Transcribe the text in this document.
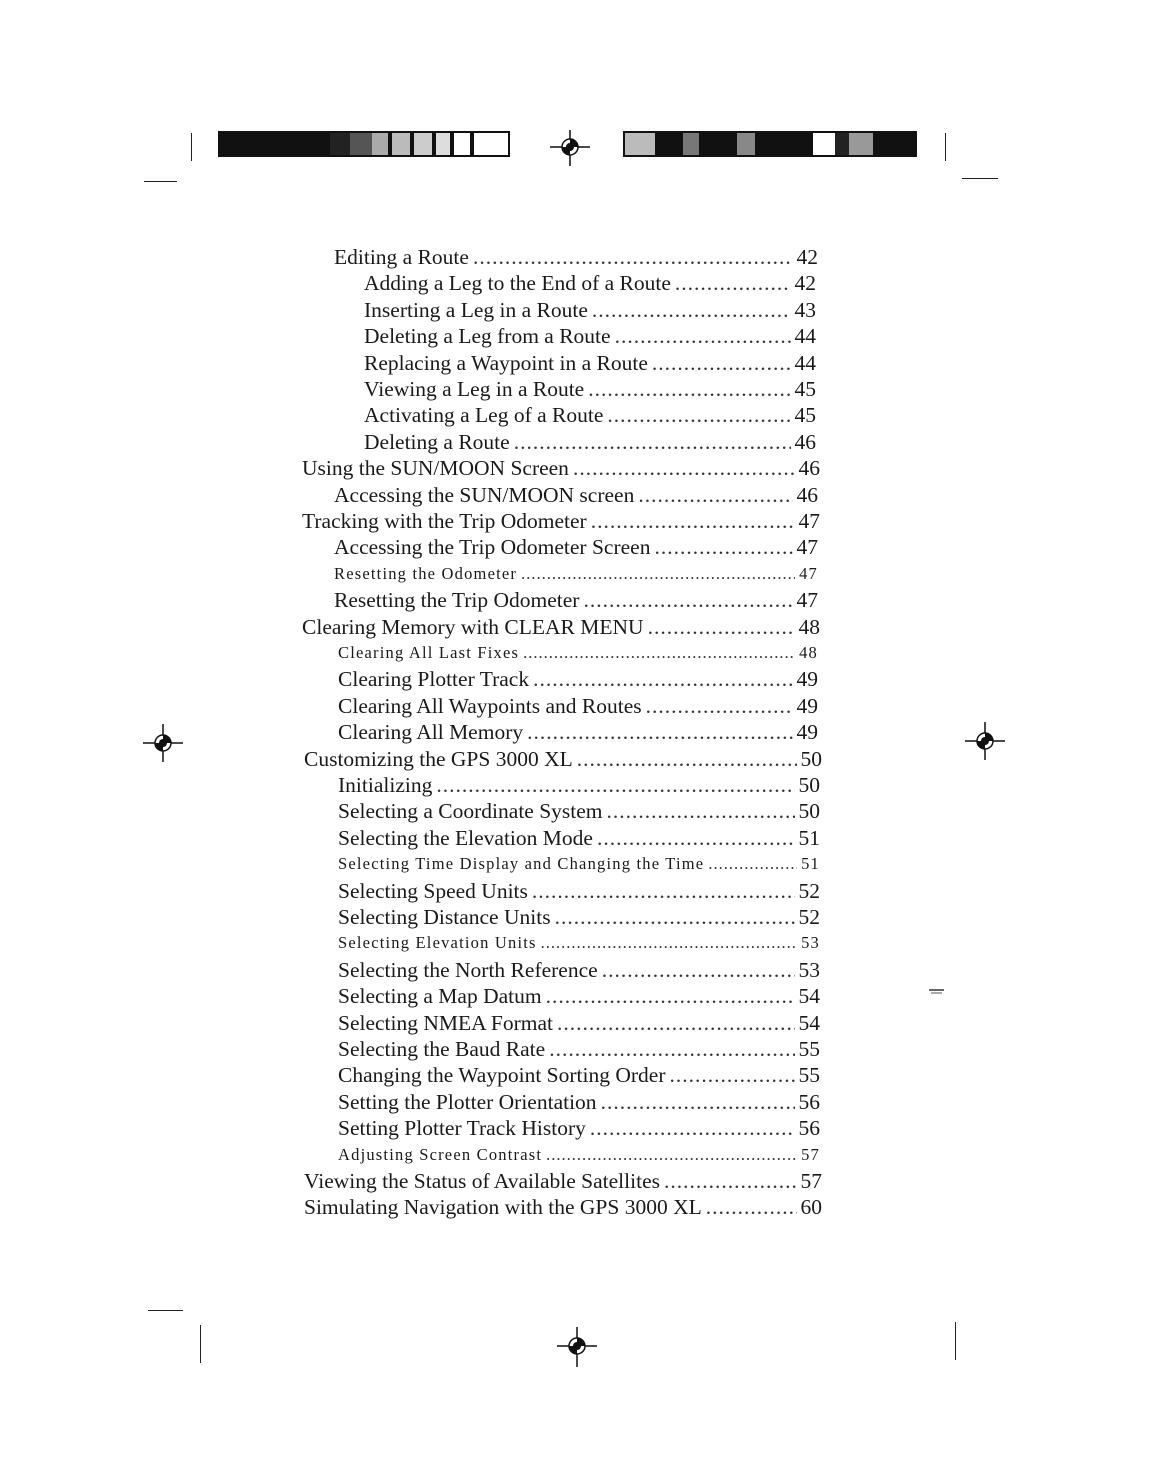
Editing a Route .....	42
Adding a Leg to the End of a Route .....	42
Inserting a Leg in a Route .....	43
Deleting a Leg from a Route .....	44
Replacing a Waypoint in a Route .....	44
Viewing a Leg in a Route .....	45
Activating a Leg of a Route .....	45
Deleting a Route .....	46
Using the SUN/MOON Screen .....	46
Accessing the SUN/MOON screen .....	46
Tracking with the Trip Odometer .....	47
Accessing the Trip Odometer Screen .....	47
Resetting the Odometer .....	47
Resetting the Trip Odometer .....	47
Clearing Memory with CLEAR MENU .....	48
Clearing All Last Fixes .....	48
Clearing Plotter Track .....	49
Clearing All Waypoints and Routes .....	49
Clearing All Memory .....	49
Customizing the GPS 3000 XL .....	50
Initializing .....	50
Selecting a Coordinate System .....	50
Selecting the Elevation Mode .....	51
Selecting Time Display and Changing the Time .....	51
Selecting Speed Units .....	52
Selecting Distance Units .....	52
Selecting Elevation Units .....	53
Selecting the North Reference .....	53
Selecting a Map Datum .....	54
Selecting NMEA Format .....	54
Selecting the Baud Rate .....	55
Changing the Waypoint Sorting Order .....	55
Setting the Plotter Orientation .....	56
Setting Plotter Track History .....	56
Adjusting Screen Contrast .....	57
Viewing the Status of Available Satellites .....	57
Simulating Navigation with the GPS 3000 XL .....	60
